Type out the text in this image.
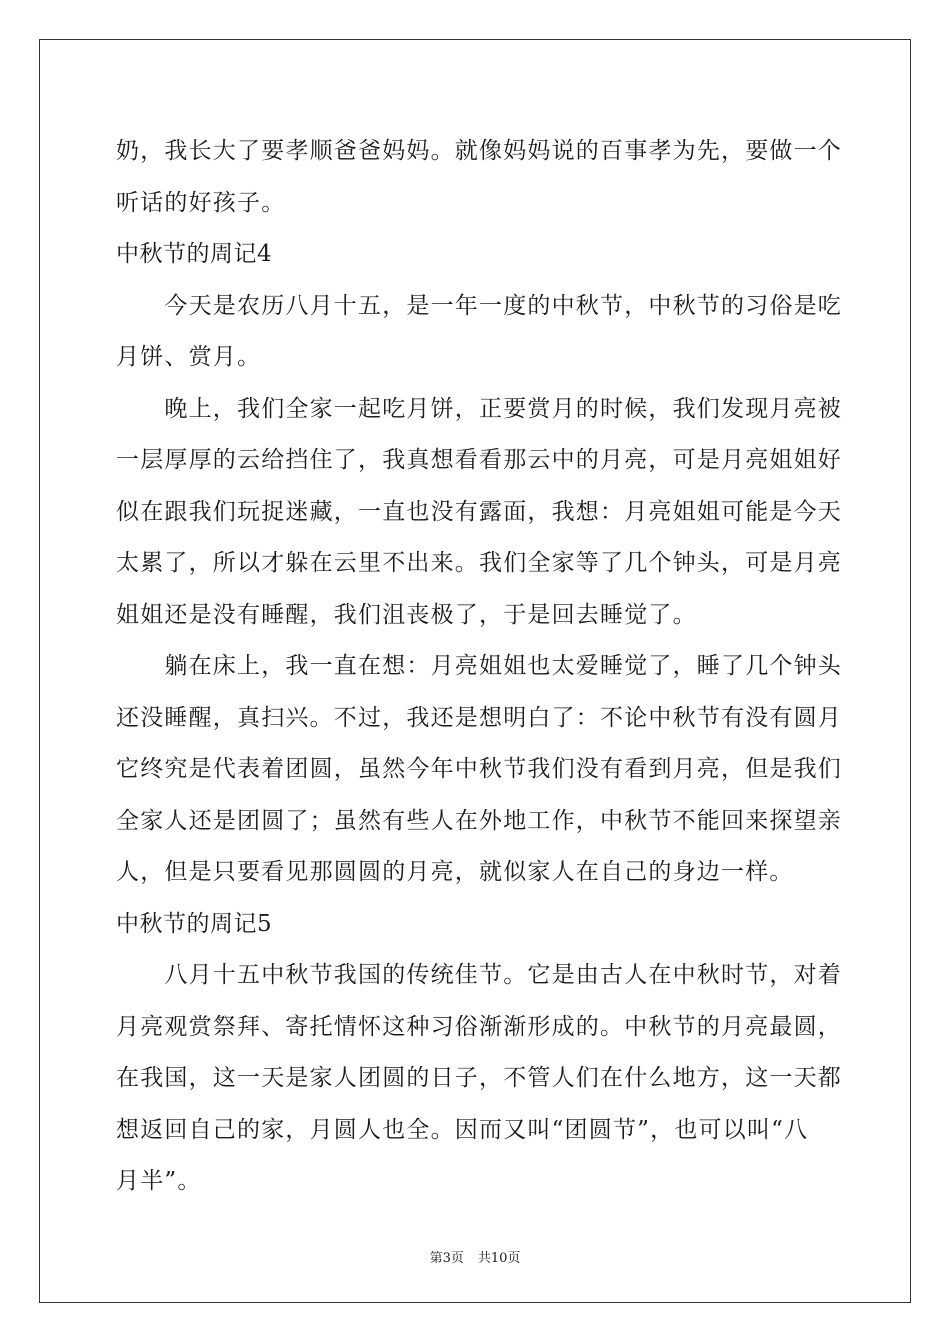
奶，我长大了要孝顺爸爸妈妈。就像妈妈说的百事孝为先，要做一个
听话的好孩子。
中秋节的周记4
　　今天是农历八月十五，是一年一度的中秋节，中秋节的习俗是吃
月饼、赏月。
　　晚上，我们全家一起吃月饼，正要赏月的时候，我们发现月亮被
一层厚厚的云给挡住了，我真想看看那云中的月亮，可是月亮姐姐好
似在跟我们玩捉迷藏，一直也没有露面，我想：月亮姐姐可能是今天
太累了，所以才躲在云里不出来。我们全家等了几个钟头，可是月亮
姐姐还是没有睡醒，我们沮丧极了，于是回去睡觉了。
　　躺在床上，我一直在想：月亮姐姐也太爱睡觉了，睡了几个钟头
还没睡醒，真扫兴。不过，我还是想明白了：不论中秋节有没有圆月
它终究是代表着团圆，虽然今年中秋节我们没有看到月亮，但是我们
全家人还是团圆了；虽然有些人在外地工作，中秋节不能回来探望亲
人，但是只要看见那圆圆的月亮，就似家人在自己的身边一样。
中秋节的周记5
　　八月十五中秋节我国的传统佳节。它是由古人在中秋时节，对着
月亮观赏祭拜、寄托情怀这种习俗渐渐形成的。中秋节的月亮最圆，
在我国，这一天是家人团圆的日子，不管人们在什么地方，这一天都
想返回自己的家，月圆人也全。因而又叫“团圆节”，也可以叫“八
月半”。
第3页 共10页
